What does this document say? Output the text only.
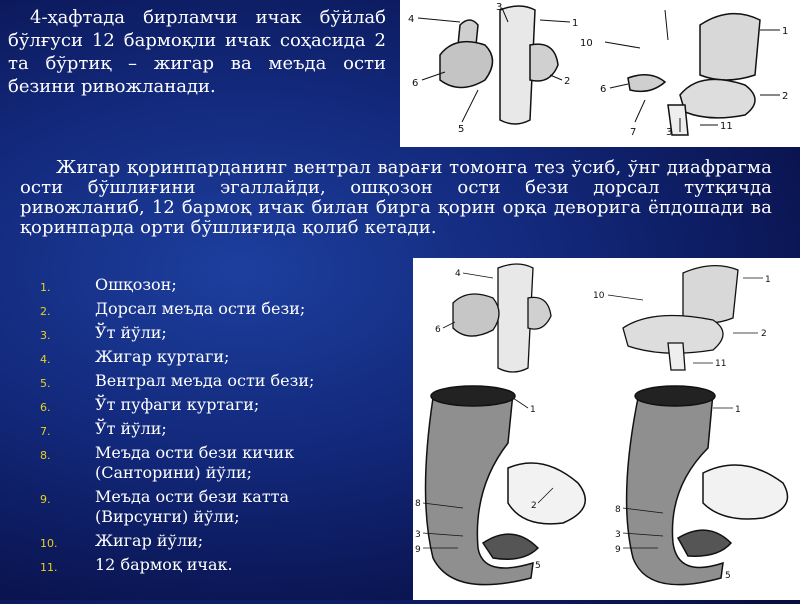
4-ҳафтада бирламчи ичак бўйлаб бўлғуси 12 бармоқли ичак соҳасида 2 та бўртиқ – жигар ва меъда ости безини ривожланади.

4
3
1
6	2
5
10
1
6
2
7	3
11

Жигар қоринпарданинг вентрал варағи томонга тез ўсиб, ўнг диафрагма ости бўшлиғини эгаллайди, ошқозон ости бези дорсал тутқичда ривожланиб, 12 бармоқ ичак билан бирга қорин орқа деворига ёпдошади ва қоринпарда орти бўшлиғида қолиб кетади.

1.	Ошқозон;
2.	Дорсал меъда ости бези;
3.	Ўт йўли;
4.	Жигар куртаги;
5.	Вентрал меъда ости бези;
6.	Ўт пуфаги куртаги;
7.	Ўт йўли;
8.	Меъда ости бези кичик (Санторини) йўли;
9.	Меъда ости бези катта (Вирсунги) йўли;
10. Жигар йўли;
11. 12 бармоқ ичак.
4
6
10
1
2
11
1
2
8
3
9
5
1
8
3
9
5
